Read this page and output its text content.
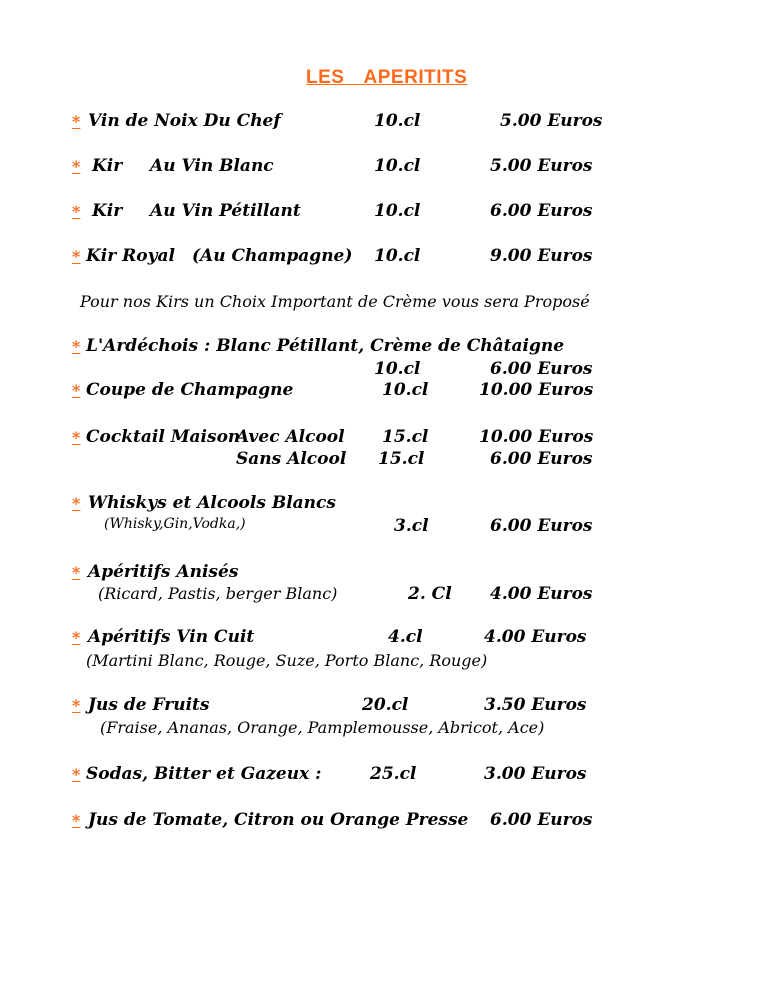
LES APERITITS
* Vin de Noix Du Chef	10.cl	5.00 Euros
* Kir Au Vin Blanc	10.cl	5.00 Euros
* Kir Au Vin Pétillant	10.cl	6.00 Euros
* Kir Royal (Au Champagne) 10.cl	9.00 Euros
Pour nos Kirs un Choix Important de Crème vous sera Proposé
* L'Ardéchois : Blanc Pétillant, Crème de Châtaigne
10.cl	6.00 Euros
* Coupe de Champagne	10.cl	10.00 Euros
* Cocktail Maison
Avec Alcool 15.cl	10.00 Euros
Sans Alcool 15.cl	6.00 Euros
* Whiskys et Alcools Blancs
(Whisky,Gin,Vodka,)	3.cl	6.00 Euros
* Apéritifs Anisés
(Ricard, Pastis, berger Blanc)	2. Cl 4.00 Euros
* Apéritifs Vin Cuit	4.cl	4.00 Euros
(Martini Blanc, Rouge, Suze, Porto Blanc, Rouge)
* Jus de Fruits	20.cl	3.50 Euros
(Fraise, Ananas, Orange, Pamplemousse, Abricot, Ace)
* Sodas, Bitter et Gazeux :	25.cl	3.00 Euros
* Jus de Tomate, Citron ou Orange Presse 6.00 Euros
